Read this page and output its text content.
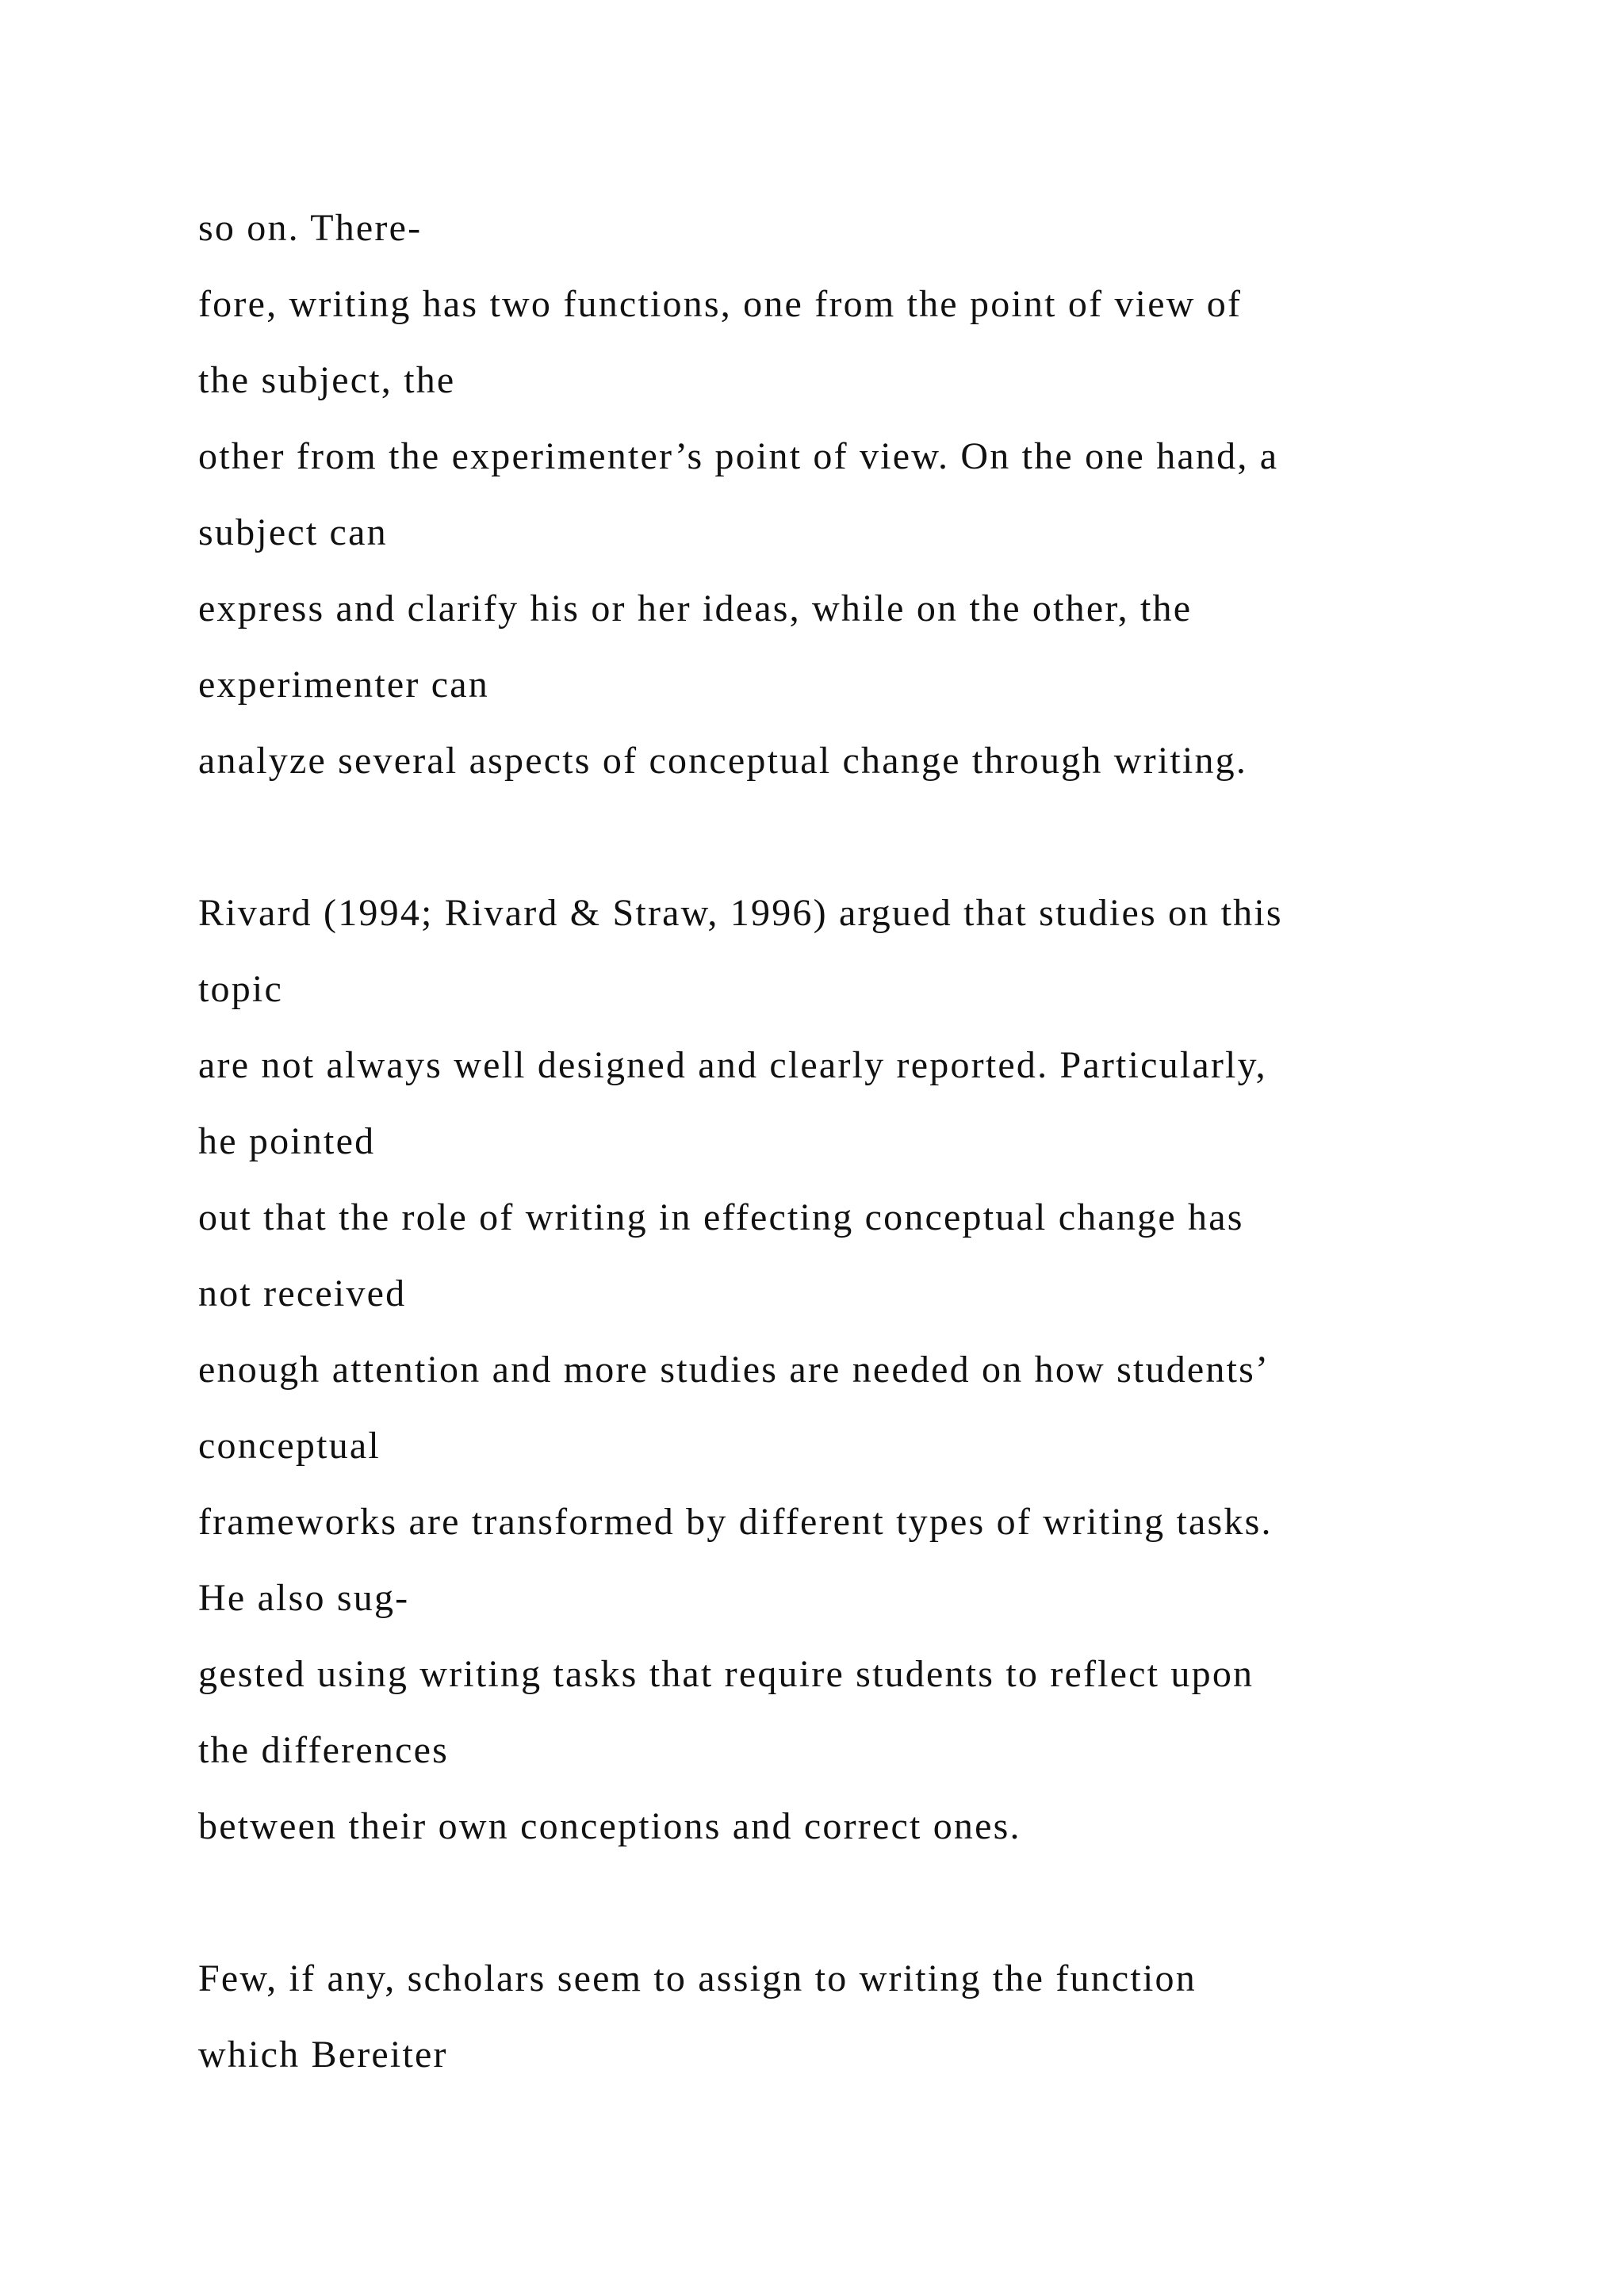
so on. There-
fore, writing has two functions, one from the point of view of
the subject, the
other from the experimenter’s point of view. On the one hand, a
subject can
express and clarify his or her ideas, while on the other, the
experimenter can
analyze several aspects of conceptual change through writing.
Rivard (1994; Rivard & Straw, 1996) argued that studies on this
topic
are not always well designed and clearly reported. Particularly,
he pointed
out that the role of writing in effecting conceptual change has
not received
enough attention and more studies are needed on how students’
conceptual
frameworks are transformed by different types of writing tasks.
He also sug-
gested using writing tasks that require students to reflect upon
the differences
between their own conceptions and correct ones.
Few, if any, scholars seem to assign to writing the function
which Bereiter
